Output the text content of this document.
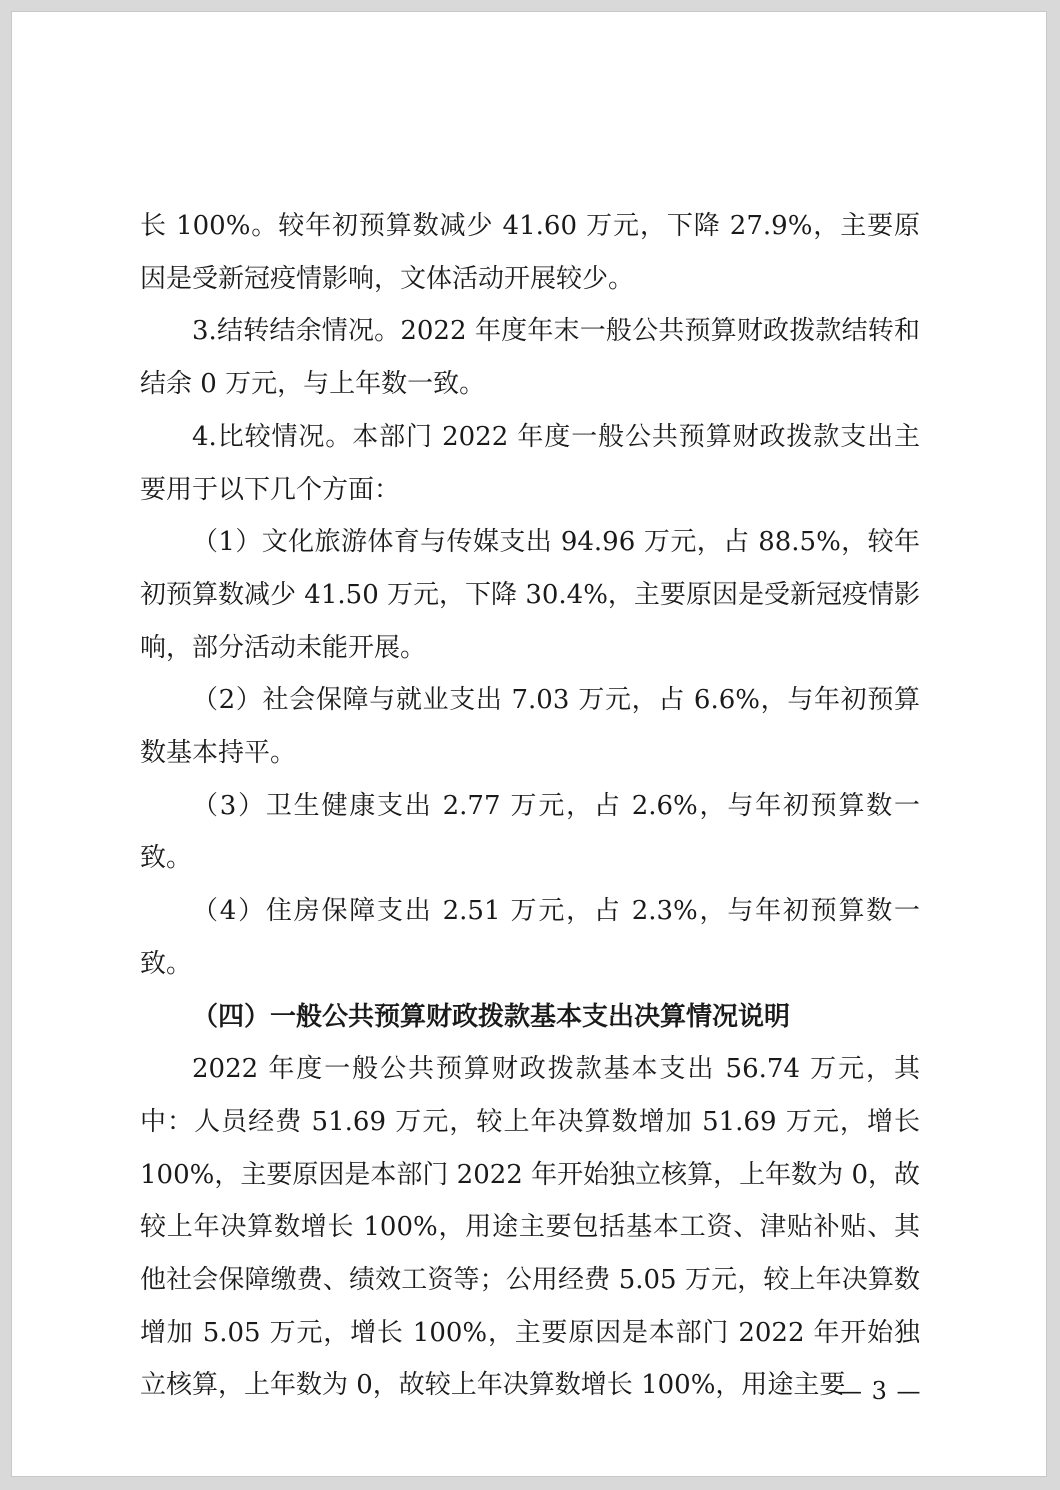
长 100%。较年初预算数减少 41.60 万元，下降 27.9%，主要原因是受新冠疫情影响，文体活动开展较少。

3.结转结余情况。2022 年度年末一般公共预算财政拨款结转和结余 0 万元，与上年数一致。

4.比较情况。本部门 2022 年度一般公共预算财政拨款支出主要用于以下几个方面：

（1）文化旅游体育与传媒支出 94.96 万元，占 88.5%，较年初预算数减少 41.50 万元，下降 30.4%，主要原因是受新冠疫情影响，部分活动未能开展。

（2）社会保障与就业支出 7.03 万元，占 6.6%，与年初预算数基本持平。

（3）卫生健康支出 2.77 万元，占 2.6%，与年初预算数一致。

（4）住房保障支出 2.51 万元，占 2.3%，与年初预算数一致。

（四）一般公共预算财政拨款基本支出决算情况说明

2022 年度一般公共预算财政拨款基本支出 56.74 万元，其中：人员经费 51.69 万元，较上年决算数增加 51.69 万元，增长 100%，主要原因是本部门 2022 年开始独立核算，上年数为 0，故较上年决算数增长 100%，用途主要包括基本工资、津贴补贴、其他社会保障缴费、绩效工资等；公用经费 5.05 万元，较上年决算数增加 5.05 万元，增长 100%，主要原因是本部门 2022 年开始独立核算，上年数为 0，故较上年决算数增长 100%，用途主要

— 3 —
